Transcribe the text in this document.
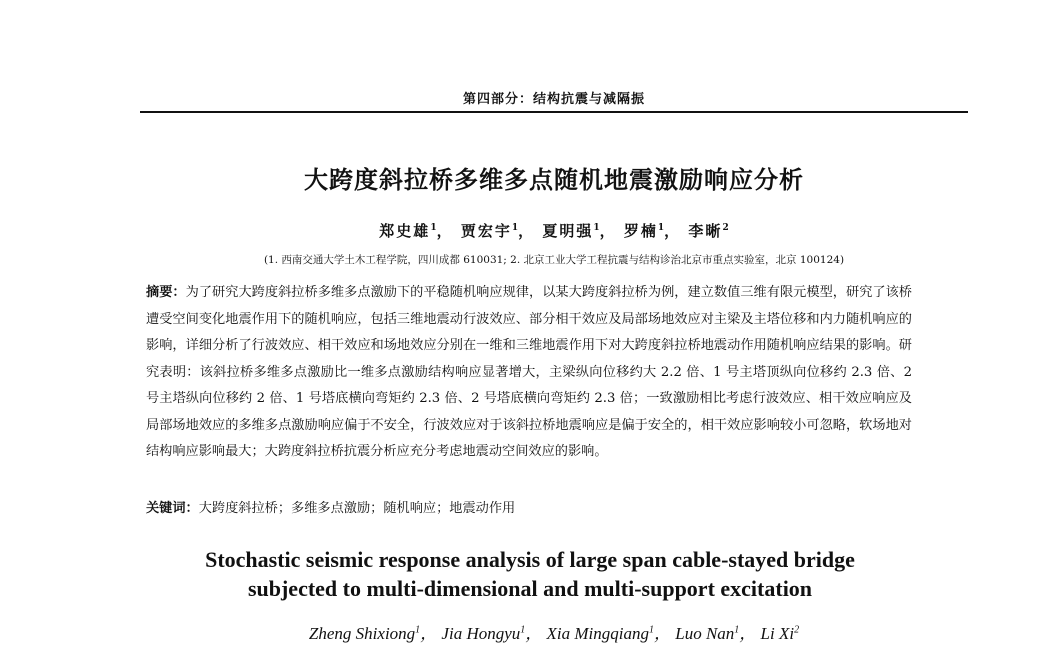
第四部分：结构抗震与减隔振
大跨度斜拉桥多维多点随机地震激励响应分析
郑史雄$^1$， 贾宏宇$^1$， 夏明强$^1$， 罗楠$^1$， 李晰$^2$
(1. 西南交通大学土木工程学院，四川成都 610031; 2. 北京工业大学工程抗震与结构诊治北京市重点实验室，北京 100124)
摘要：为了研究大跨度斜拉桥多维多点激励下的平稳随机响应规律，以某大跨度斜拉桥为例，建立数值三维有限元模型，研究了该桥遭受空间变化地震作用下的随机响应，包括三维地震动行波效应、部分相干效应及局部场地效应对主梁及主塔位移和内力随机响应的影响，详细分析了行波效应、相干效应和场地效应分别在一维和三维地震作用下对大跨度斜拉桥地震动作用随机响应结果的影响。研究表明：该斜拉桥多维多点激励比一维多点激励结构响应显著增大，主梁纵向位移约大 2.2 倍、1 号主塔顶纵向位移约 2.3 倍、2 号主塔纵向位移约 2 倍、1 号塔底横向弯矩约 2.3 倍、2 号塔底横向弯矩约 2.3 倍；一致激励相比考虑行波效应、相干效应响应及局部场地效应的多维多点激励响应偏于不安全，行波效应对于该斜拉桥地震响应是偏于安全的，相干效应影响较小可忽略，软场地对结构响应影响最大；大跨度斜拉桥抗震分析应充分考虑地震动空间效应的影响。
关键词：大跨度斜拉桥；多维多点激励；随机响应；地震动作用
Stochastic seismic response analysis of large span cable-stayed bridge
subjected to multi-dimensional and multi-support excitation
Zheng Shixiong$^1$， Jia Hongyu$^1$， Xia Mingqiang$^1$， Luo Nan$^1$， Li Xi$^2$
